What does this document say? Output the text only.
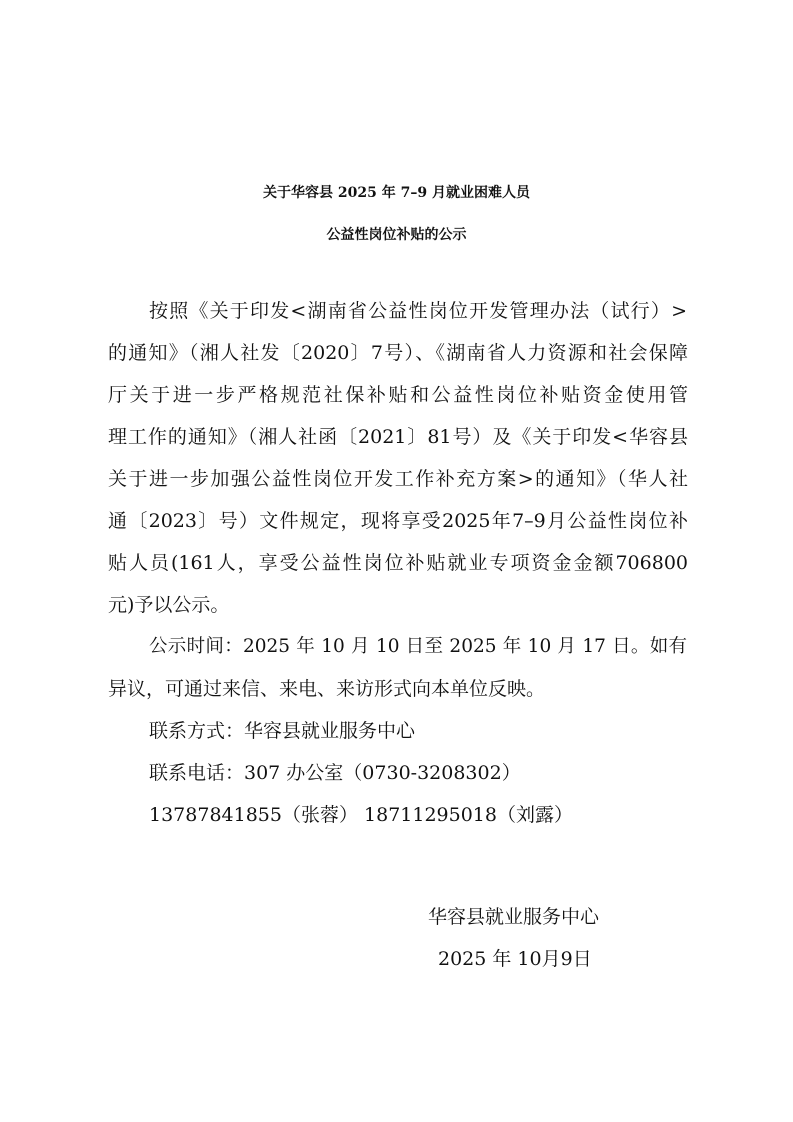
关于华容县 2025 年 7–9 月就业困难人员
公益性岗位补贴的公示
按照《关于印发<湖南省公益性岗位开发管理办法（试行）>
的通知》（湘人社发〔2020〕7号）、《湖南省人力资源和社会保障
厅关于进一步严格规范社保补贴和公益性岗位补贴资金使用管
理工作的通知》（湘人社函〔2021〕81号）及《关于印发<华容县
关于进一步加强公益性岗位开发工作补充方案>的通知》（华人社
通〔2023〕号）文件规定，现将享受2025年7–9月公益性岗位补
贴人员(161人，享受公益性岗位补贴就业专项资金金额706800
元)予以公示。
公示时间：2025 年 10 月 10 日至 2025 年 10 月 17 日。如有
异议，可通过来信、来电、来访形式向本单位反映。
联系方式：华容县就业服务中心
联系电话：307 办公室（0730-3208302）
13787841855（张蓉） 18711295018（刘露）
华容县就业服务中心
2025 年 10月9日
